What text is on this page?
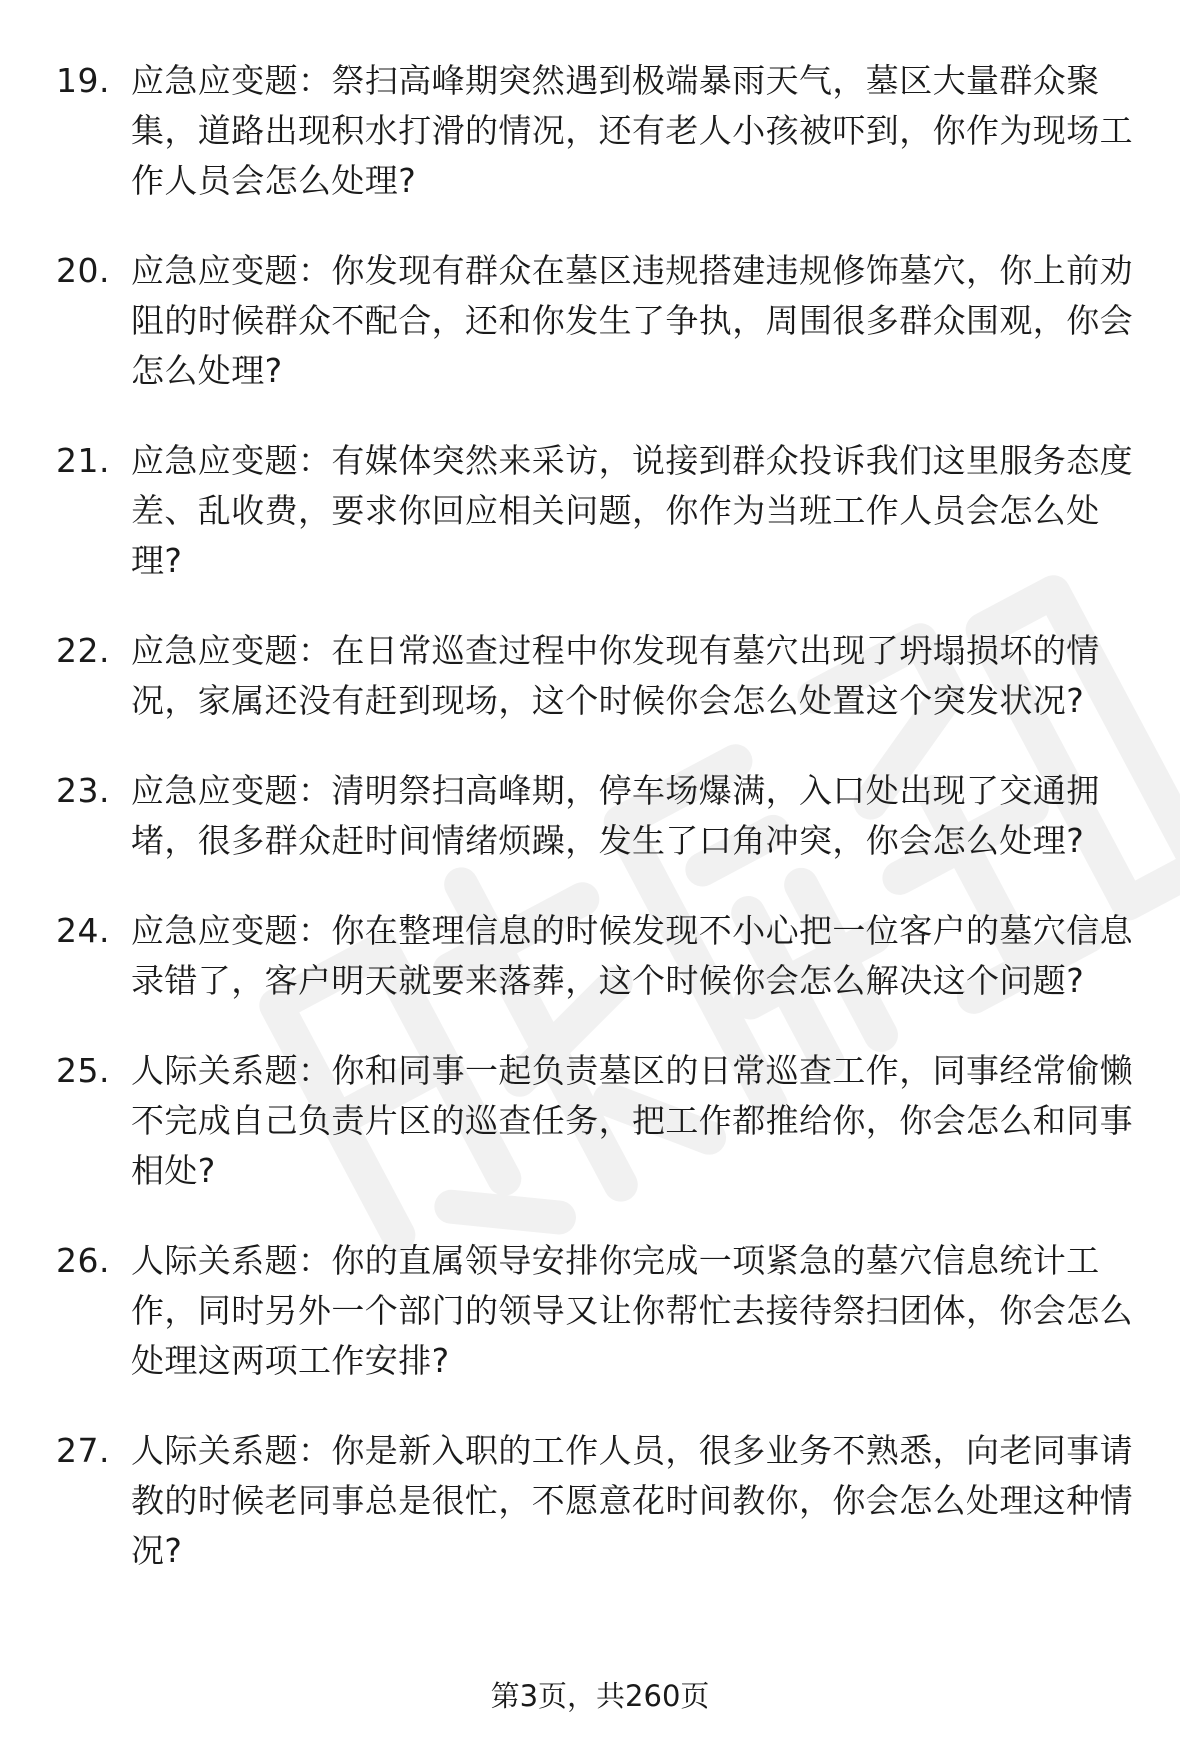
19. 应急应变题：祭扫高峰期突然遇到极端暴雨天气，墓区大量群众聚集，道路出现积水打滑的情况，还有老人小孩被吓到，你作为现场工作人员会怎么处理?
20. 应急应变题：你发现有群众在墓区违规搭建违规修饰墓穴，你上前劝阻的时候群众不配合，还和你发生了争执，周围很多群众围观，你会怎么处理?
21. 应急应变题：有媒体突然来采访，说接到群众投诉我们这里服务态度差、乱收费，要求你回应相关问题，你作为当班工作人员会怎么处理?
22. 应急应变题：在日常巡查过程中你发现有墓穴出现了坍塌损坏的情况，家属还没有赶到现场，这个时候你会怎么处置这个突发状况?
23. 应急应变题：清明祭扫高峰期，停车场爆满，入口处出现了交通拥堵，很多群众赶时间情绪烦躁，发生了口角冲突，你会怎么处理?
24. 应急应变题：你在整理信息的时候发现不小心把一位客户的墓穴信息录错了，客户明天就要来落葬，这个时候你会怎么解决这个问题?
25. 人际关系题：你和同事一起负责墓区的日常巡查工作，同事经常偷懒不完成自己负责片区的巡查任务，把工作都推给你，你会怎么和同事相处?
26. 人际关系题：你的直属领导安排你完成一项紧急的墓穴信息统计工作，同时另外一个部门的领导又让你帮忙去接待祭扫团体，你会怎么处理这两项工作安排?
27. 人际关系题：你是新入职的工作人员，很多业务不熟悉，向老同事请教的时候老同事总是很忙，不愿意花时间教你，你会怎么处理这种情况?
第3页，共260页
